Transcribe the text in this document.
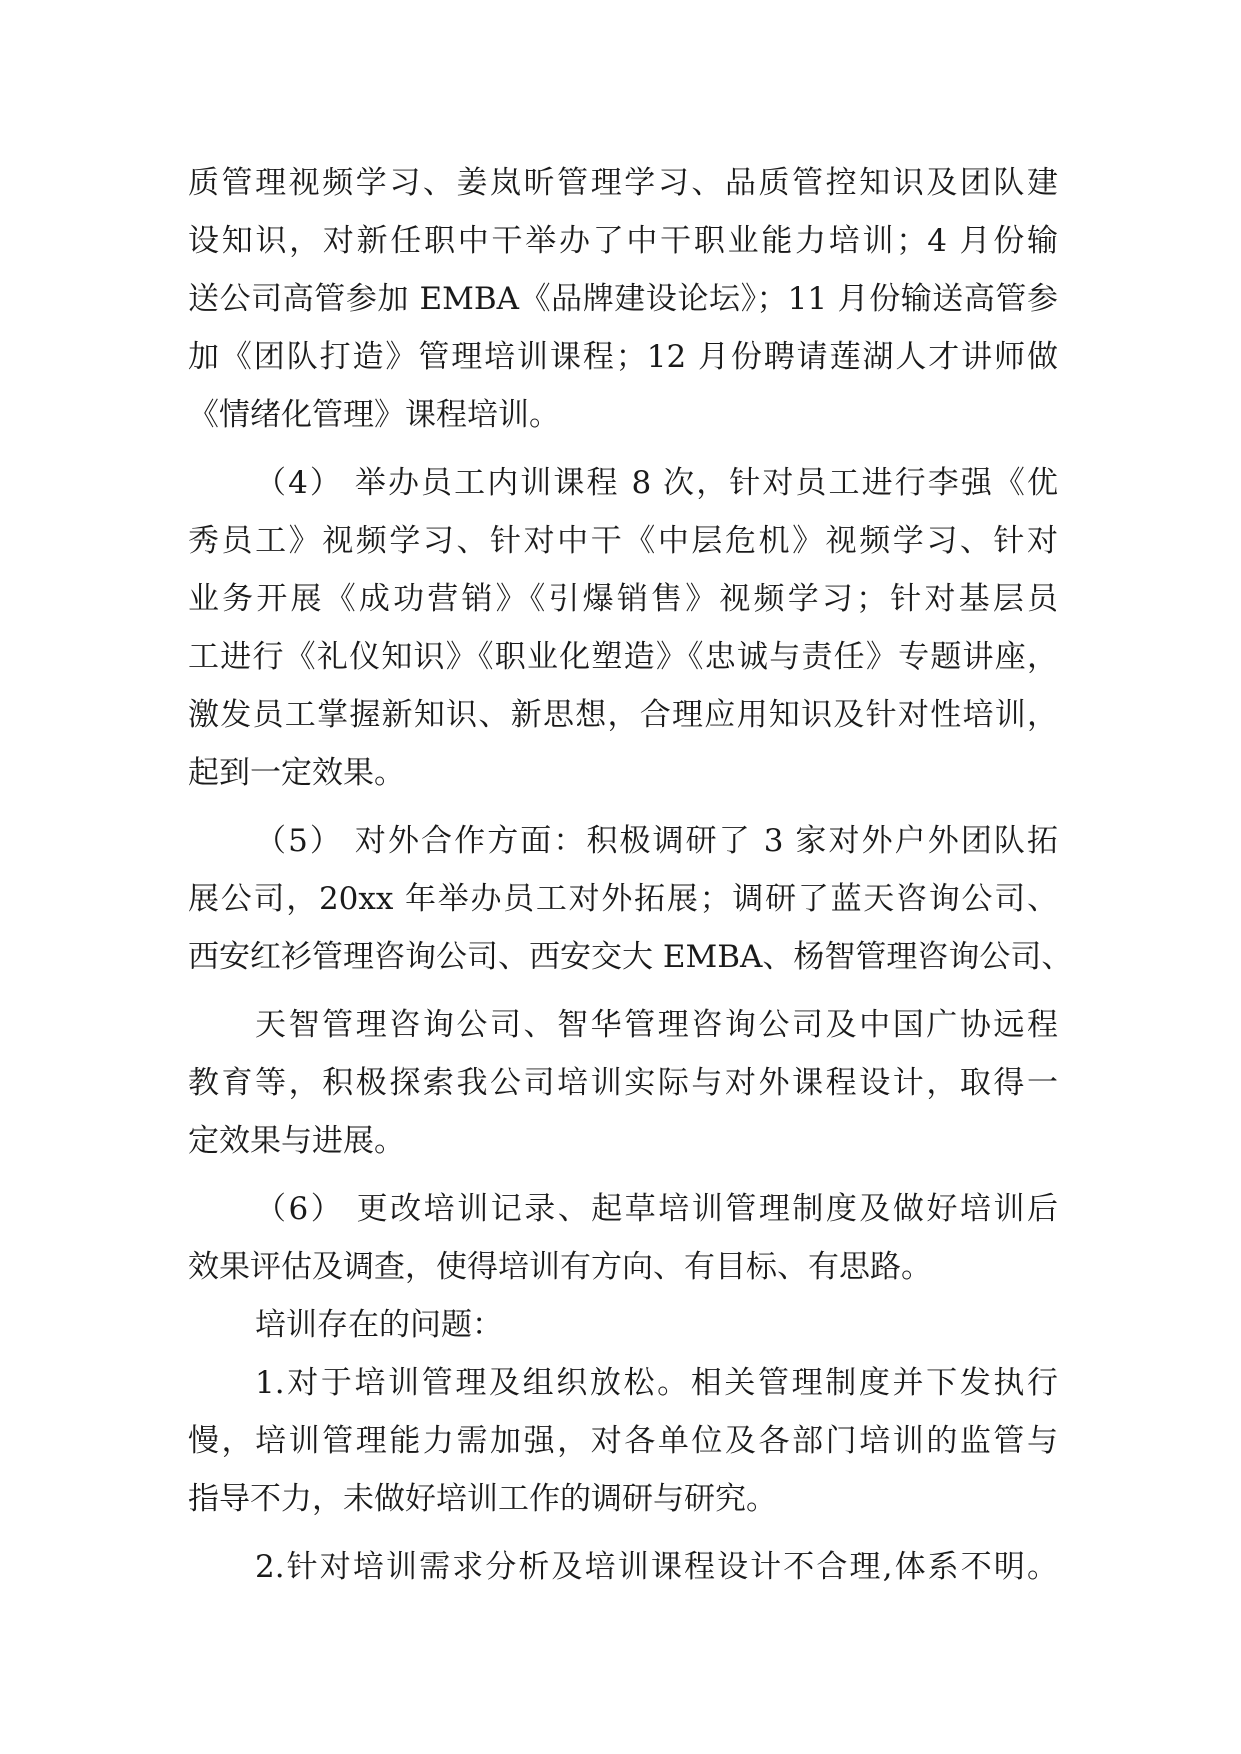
质管理视频学习、姜岚昕管理学习、品质管控知识及团队建
设知识，对新任职中干举办了中干职业能力培训；4 月份输
送公司高管参加 EMBA《品牌建设论坛》；11 月份输送高管参
加《团队打造》管理培训课程；12 月份聘请莲湖人才讲师做
《情绪化管理》课程培训。
（4） 举办员工内训课程 8 次，针对员工进行李强《优
秀员工》视频学习、针对中干《中层危机》视频学习、针对
业务开展《成功营销》《引爆销售》视频学习；针对基层员
工进行《礼仪知识》《职业化塑造》《忠诚与责任》专题讲座，
激发员工掌握新知识、新思想，合理应用知识及针对性培训，
起到一定效果。
（5） 对外合作方面：积极调研了 3 家对外户外团队拓
展公司，20xx 年举办员工对外拓展；调研了蓝天咨询公司、
西安红衫管理咨询公司、西安交大 EMBA、杨智管理咨询公司、
天智管理咨询公司、智华管理咨询公司及中国广协远程
教育等，积极探索我公司培训实际与对外课程设计，取得一
定效果与进展。
（6） 更改培训记录、起草培训管理制度及做好培训后
效果评估及调查，使得培训有方向、有目标、有思路。
培训存在的问题：
1.对于培训管理及组织放松。相关管理制度并下发执行
慢，培训管理能力需加强，对各单位及各部门培训的监管与
指导不力，未做好培训工作的调研与研究。
2.针对培训需求分析及培训课程设计不合理,体系不明。
